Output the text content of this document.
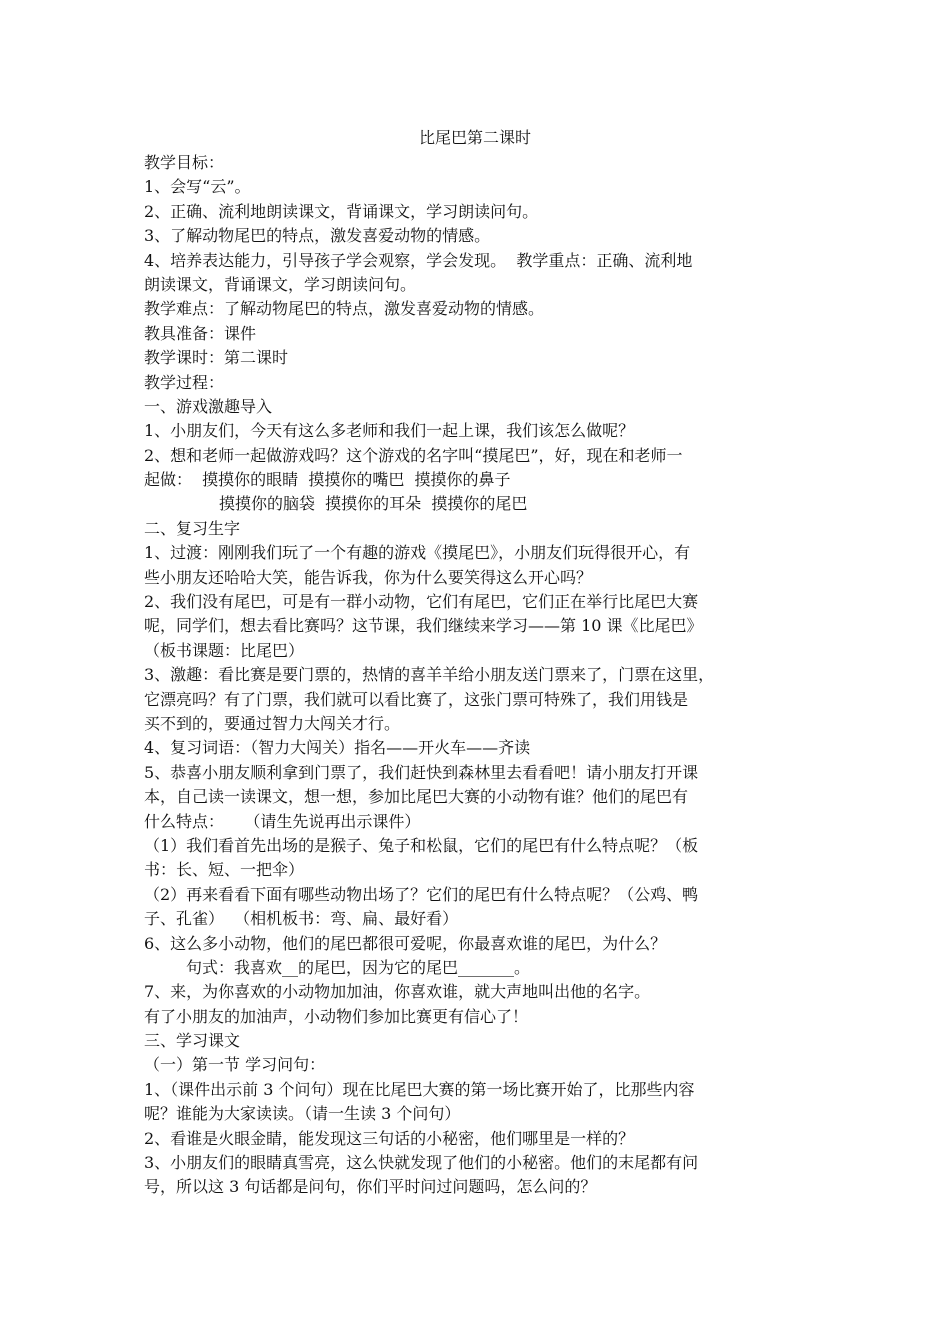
比尾巴第二课时
教学目标：
1、会写“云”。
2、正确、流利地朗读课文，背诵课文，学习朗读问句。
3、了解动物尾巴的特点，激发喜爱动物的情感。
4、培养表达能力，引导孩子学会观察，学会发现。  教学重点：正确、流利地
朗读课文，背诵课文，学习朗读问句。
教学难点：了解动物尾巴的特点，激发喜爱动物的情感。
教具准备：课件
教学课时：第二课时
教学过程：
一、游戏激趣导入
1、小朋友们，今天有这么多老师和我们一起上课，我们该怎么做呢？
2、想和老师一起做游戏吗？这个游戏的名字叫“摸尾巴”，好，现在和老师一
起做：  摸摸你的眼睛  摸摸你的嘴巴  摸摸你的鼻子
摸摸你的脑袋  摸摸你的耳朵  摸摸你的尾巴
二、复习生字
1、过渡：刚刚我们玩了一个有趣的游戏《摸尾巴》，小朋友们玩得很开心，有
些小朋友还哈哈大笑，能告诉我，你为什么要笑得这么开心吗？
2、我们没有尾巴，可是有一群小动物，它们有尾巴，它们正在举行比尾巴大赛
呢，同学们，想去看比赛吗？这节课，我们继续来学习——第 10 课《比尾巴》
（板书课题：比尾巴）
3、激趣：看比赛是要门票的，热情的喜羊羊给小朋友送门票来了，门票在这里，
它漂亮吗？有了门票，我们就可以看比赛了，这张门票可特殊了，我们用钱是
买不到的，要通过智力大闯关才行。
4、复习词语：（智力大闯关）指名——开火车——齐读
5、恭喜小朋友顺利拿到门票了，我们赶快到森林里去看看吧！请小朋友打开课
本，自己读一读课文，想一想，参加比尾巴大赛的小动物有谁？他们的尾巴有
什么特点：    （请生先说再出示课件）
（1）我们看首先出场的是猴子、兔子和松鼠，它们的尾巴有什么特点呢？（板
书：长、短、一把伞）
（2）再来看看下面有哪些动物出场了？它们的尾巴有什么特点呢？（公鸡、鸭
子、孔雀）  （相机板书：弯、扁、最好看）
6、这么多小动物，他们的尾巴都很可爱呢，你最喜欢谁的尾巴，为什么？
句式：我喜欢__的尾巴，因为它的尾巴_______。
7、来，为你喜欢的小动物加加油，你喜欢谁，就大声地叫出他的名字。
有了小朋友的加油声，小动物们参加比赛更有信心了！
三、学习课文
（一）第一节 学习问句：
1、（课件出示前 3 个问句）现在比尾巴大赛的第一场比赛开始了，比那些内容
呢？谁能为大家读读。（请一生读 3 个问句）
2、看谁是火眼金睛，能发现这三句话的小秘密，他们哪里是一样的？
3、小朋友们的眼睛真雪亮，这么快就发现了他们的小秘密。他们的末尾都有问
号，所以这 3 句话都是问句，你们平时问过问题吗，怎么问的？
